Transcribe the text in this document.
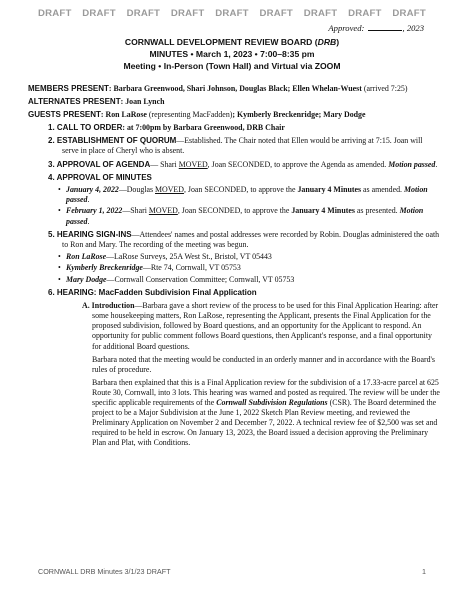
DRAFT DRAFT DRAFT DRAFT DRAFT DRAFT DRAFT DRAFT DRAFT
Approved:	, 2023
CORNWALL DEVELOPMENT REVIEW BOARD (DRB)
MINUTES • March 1, 2023 • 7:00–8:35 pm
Meeting • In-Person (Town Hall) and Virtual via ZOOM
MEMBERS PRESENT: Barbara Greenwood, Shari Johnson, Douglas Black; Ellen Whelan-Wuest (arrived 7:25)
ALTERNATES PRESENT: Joan Lynch
GUESTS PRESENT: Ron LaRose (representing MacFadden); Kymberly Breckenridge; Mary Dodge
1. CALL TO ORDER: at 7:00pm by Barbara Greenwood, DRB Chair
2. ESTABLISHMENT OF QUORUM—Established. The Chair noted that Ellen would be arriving at 7:15. Joan will serve in place of Cheryl who is absent.
3. APPROVAL OF AGENDA— Shari MOVED, Joan SECONDED, to approve the Agenda as amended. Motion passed.
4. APPROVAL OF MINUTES
• January 4, 2022—Douglas MOVED, Joan SECONDED, to approve the January 4 Minutes as amended. Motion passed.
• February 1, 2022—Shari MOVED, Joan SECONDED, to approve the January 4 Minutes as presented. Motion passed.
5. HEARING SIGN-INS—Attendees' names and postal addresses were recorded by Robin. Douglas administered the oath to Ron and Mary. The recording of the meeting was begun.
• Ron LaRose—LaRose Surveys, 25A West St., Bristol, VT 05443
• Kymberly Breckenridge—Rte 74, Cornwall, VT 05753
• Mary Dodge—Cornwall Conservation Committee; Cornwall, VT 05753
6. HEARING: MacFadden Subdivision Final Application
A. Introduction—Barbara gave a short review of the process to be used for this Final Application Hearing: after some housekeeping matters, Ron LaRose, representing the Applicant, presents the Final Application for the proposed subdivision, followed by Board questions, and an opportunity for the Applicant to respond. An opportunity for public comment follows Board questions, then Applicant's response, and a final opportunity for additional Board questions.
Barbara noted that the meeting would be conducted in an orderly manner and in accordance with the Board's rules of procedure.
Barbara then explained that this is a Final Application review for the subdivision of a 17.33-acre parcel at 625 Route 30, Cornwall, into 3 lots. This hearing was warned and posted as required. The review will be under the specific applicable requirements of the Cornwall Subdivision Regulations (CSR). The Board determined the project to be a Major Subdivision at the June 1, 2022 Sketch Plan Review meeting, and reviewed the Preliminary Application on November 2 and December 7, 2022. A technical review fee of $2,500 was set and required to be held in escrow. On January 13, 2023, the Board issued a decision approving the Preliminary Plan and Plat, with Conditions.
CORNWALL DRB Minutes 3/1/23 DRAFT	1
